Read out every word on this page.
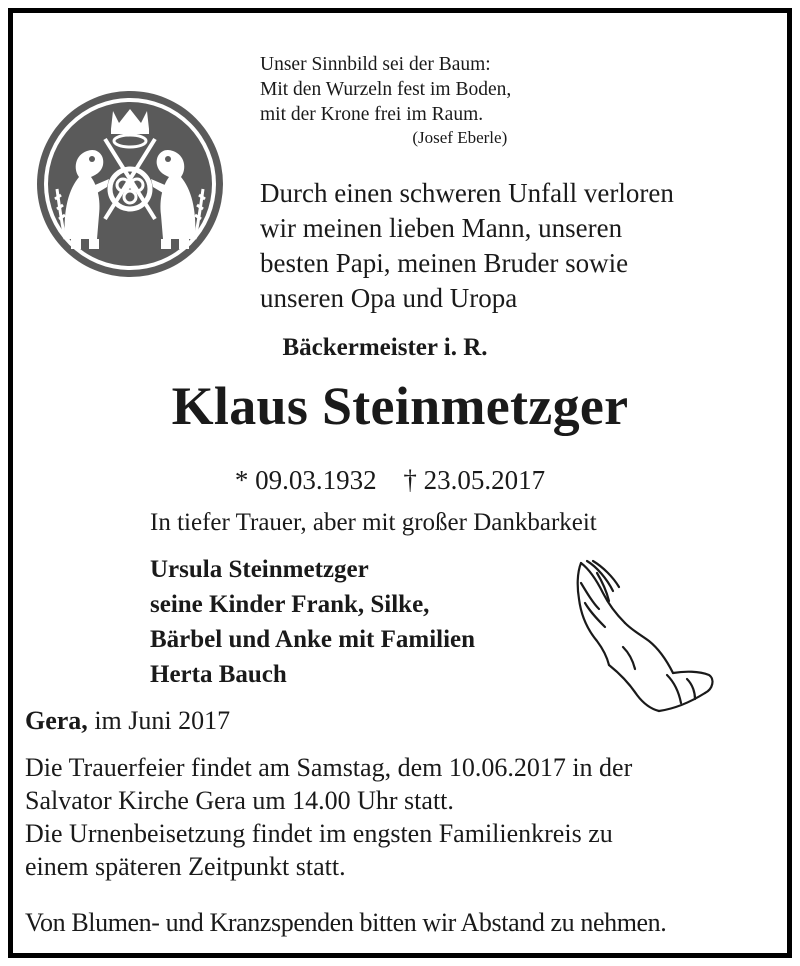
Unser Sinnbild sei der Baum:
Mit den Wurzeln fest im Boden,
mit der Krone frei im Raum.
(Josef Eberle)
Durch einen schweren Unfall verloren
wir meinen lieben Mann, unseren
besten Papi, meinen Bruder sowie
unseren Opa und Uropa
Bäckermeister i. R.
Klaus Steinmetzger
* 09.03.1932 † 23.05.2017
In tiefer Trauer, aber mit großer Dankbarkeit
Ursula Steinmetzger
seine Kinder Frank, Silke,
Bärbel und Anke mit Familien
Herta Bauch
Gera, im Juni 2017
Die Trauerfeier findet am Samstag, dem 10.06.2017 in der
Salvator Kirche Gera um 14.00 Uhr statt.
Die Urnenbeisetzung findet im engsten Familienkreis zu
einem späteren Zeitpunkt statt.
Von Blumen- und Kranzspenden bitten wir Abstand zu nehmen.
